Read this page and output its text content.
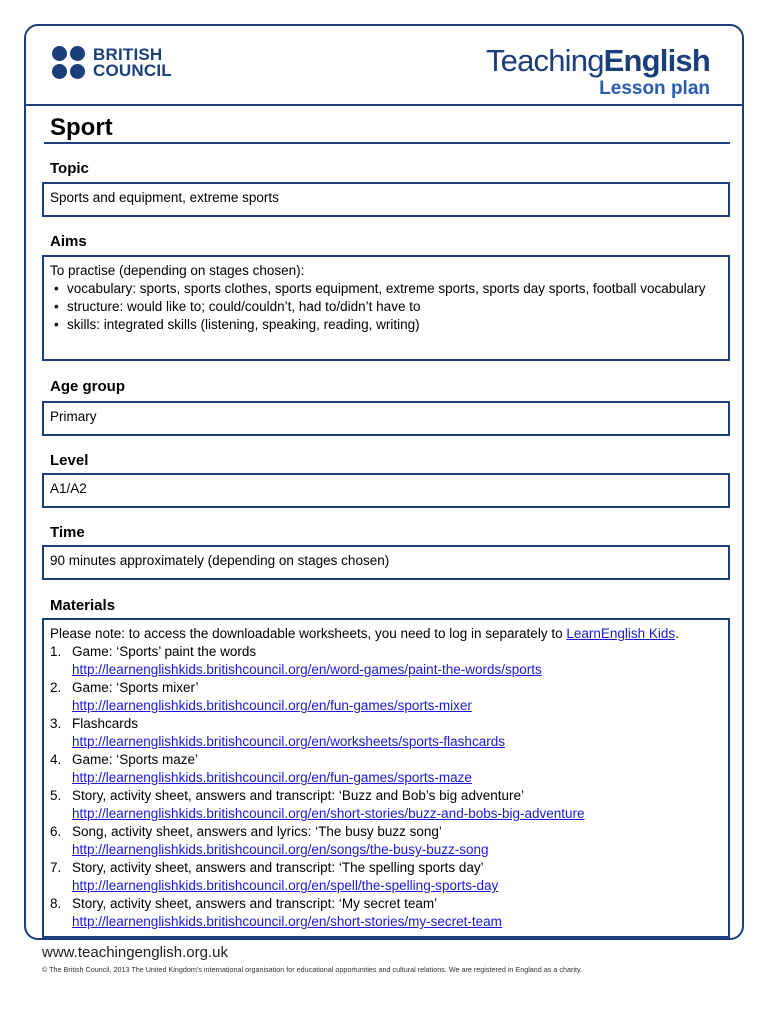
BRITISH
COUNCIL	TeachingEnglish
Lesson plan
Sport
Topic
Sports and equipment, extreme sports
Aims
To practise (depending on stages chosen):
• vocabulary: sports, sports clothes, sports equipment, extreme sports, sports day sports, football vocabulary
• structure: would like to; could/couldn’t, had to/didn’t have to
• skills: integrated skills (listening, speaking, reading, writing)
Age group
Primary
Level
A1/A2
Time
90 minutes approximately (depending on stages chosen)
Materials
Please note: to access the downloadable worksheets, you need to log in separately to LearnEnglish Kids.
1. Game: ‘Sports’ paint the words
http://learnenglishkids.britishcouncil.org/en/word-games/paint-the-words/sports
2. Game: ‘Sports mixer’
http://learnenglishkids.britishcouncil.org/en/fun-games/sports-mixer
3. Flashcards
http://learnenglishkids.britishcouncil.org/en/worksheets/sports-flashcards
4. Game: ‘Sports maze’
http://learnenglishkids.britishcouncil.org/en/fun-games/sports-maze
5. Story, activity sheet, answers and transcript: ‘Buzz and Bob’s big adventure’
http://learnenglishkids.britishcouncil.org/en/short-stories/buzz-and-bobs-big-adventure
6. Song, activity sheet, answers and lyrics: ‘The busy buzz song’
http://learnenglishkids.britishcouncil.org/en/songs/the-busy-buzz-song
7. Story, activity sheet, answers and transcript: ‘The spelling sports day’
http://learnenglishkids.britishcouncil.org/en/spell/the-spelling-sports-day
8. Story, activity sheet, answers and transcript: ‘My secret team’
http://learnenglishkids.britishcouncil.org/en/short-stories/my-secret-team
www.teachingenglish.org.uk
© The British Council, 2013 The United Kingdom’s international organisation for educational opportunities and cultural relations. We are registered in England as a charity.
